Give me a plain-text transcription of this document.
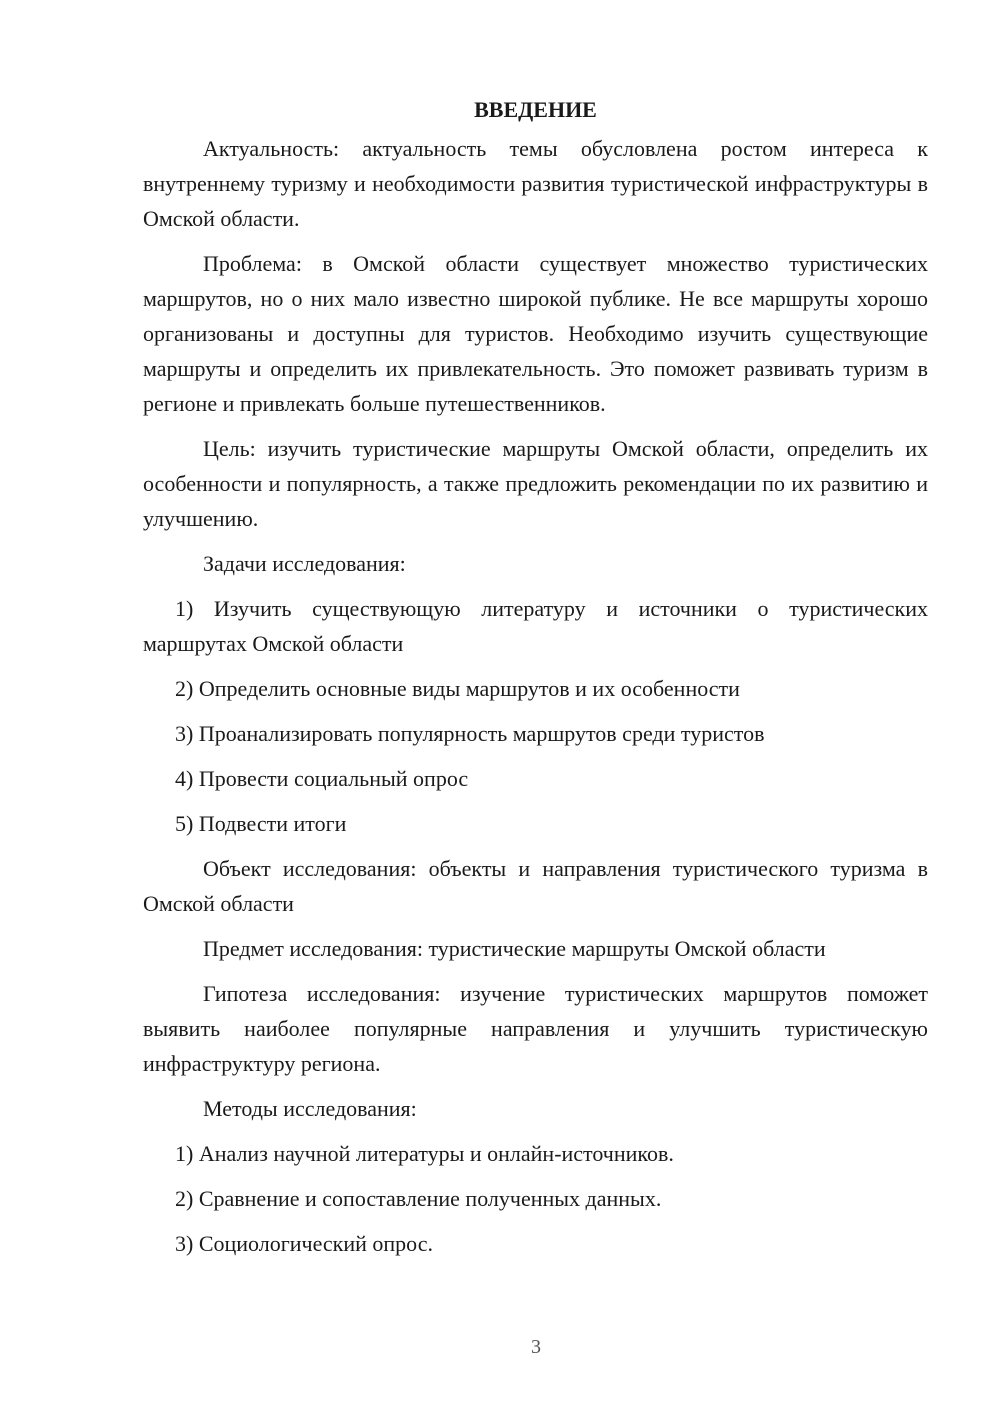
ВВЕДЕНИЕ

Актуальность: актуальность темы обусловлена ростом интереса к внутреннему туризму и необходимости развития туристической инфраструктуры в Омской области.

Проблема: в Омской области существует множество туристических маршрутов, но о них мало известно широкой публике. Не все маршруты хорошо организованы и доступны для туристов. Необходимо изучить существующие маршруты и определить их привлекательность. Это поможет развивать туризм в регионе и привлекать больше путешественников.

Цель: изучить туристические маршруты Омской области, определить их особенности и популярность, а также предложить рекомендации по их развитию и улучшению.

Задачи исследования:

1) Изучить существующую литературу и источники о туристических маршрутах Омской области

2) Определить основные виды маршрутов и их особенности

3) Проанализировать популярность маршрутов среди туристов

4) Провести социальный опрос

5) Подвести итоги

Объект исследования: объекты и направления туристического туризма в Омской области

Предмет исследования: туристические маршруты Омской области

Гипотеза исследования: изучение туристических маршрутов поможет выявить наиболее популярные направления и улучшить туристическую инфраструктуру региона.

Методы исследования:

1) Анализ научной литературы и онлайн-источников.

2) Сравнение и сопоставление полученных данных.

3) Социологический опрос.

3
